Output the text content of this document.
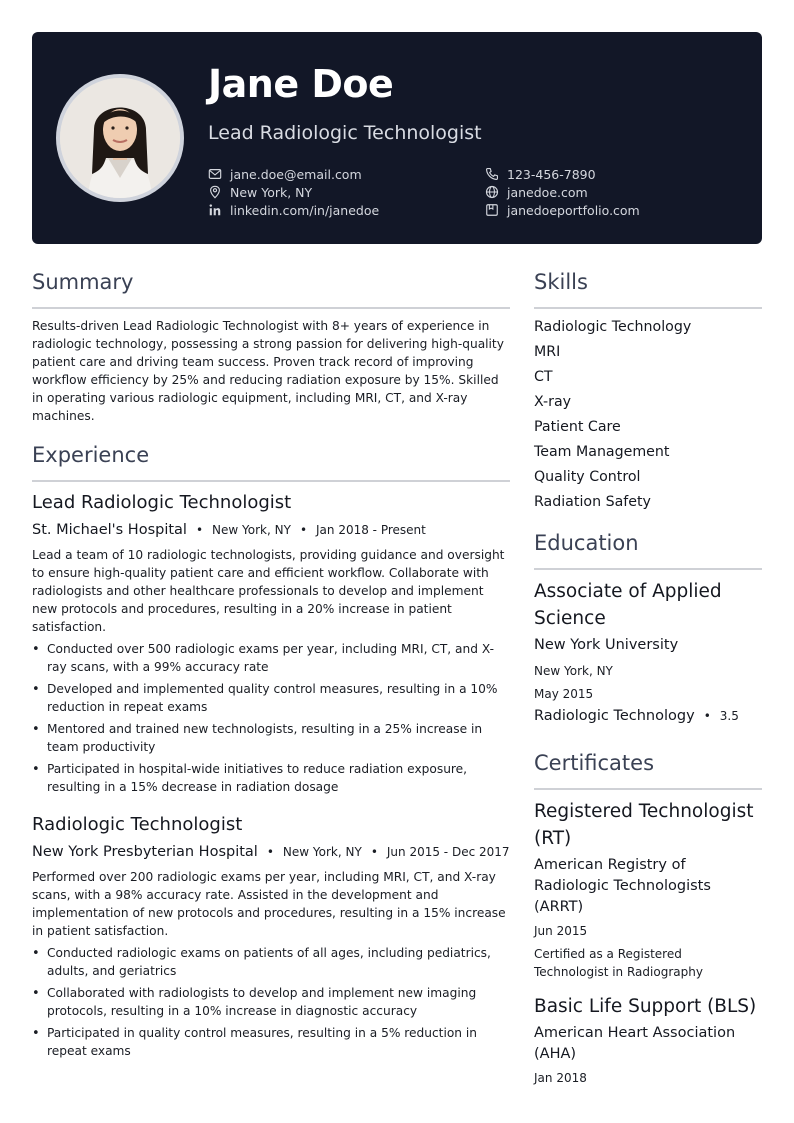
Jane Doe
Lead Radiologic Technologist
jane.doe@email.com	123-456-7890
New York, NY	janedoe.com
linkedin.com/in/janedoe	janedoeportfolio.com
Summary
Results-driven Lead Radiologic Technologist with 8+ years of experience in radiologic technology, possessing a strong passion for delivering high-quality patient care and driving team success. Proven track record of improving workflow efficiency by 25% and reducing radiation exposure by 15%. Skilled in operating various radiologic equipment, including MRI, CT, and X-ray machines.
Experience
Lead Radiologic Technologist
St. Michael's Hospital • New York, NY • Jan 2018 - Present
Lead a team of 10 radiologic technologists, providing guidance and oversight to ensure high-quality patient care and efficient workflow. Collaborate with radiologists and other healthcare professionals to develop and implement new protocols and procedures, resulting in a 20% increase in patient satisfaction.
• Conducted over 500 radiologic exams per year, including MRI, CT, and X-ray scans, with a 99% accuracy rate
• Developed and implemented quality control measures, resulting in a 10% reduction in repeat exams
• Mentored and trained new technologists, resulting in a 25% increase in team productivity
• Participated in hospital-wide initiatives to reduce radiation exposure, resulting in a 15% decrease in radiation dosage
Radiologic Technologist
New York Presbyterian Hospital • New York, NY • Jun 2015 - Dec 2017
Performed over 200 radiologic exams per year, including MRI, CT, and X-ray scans, with a 98% accuracy rate. Assisted in the development and implementation of new protocols and procedures, resulting in a 15% increase in patient satisfaction.
• Conducted radiologic exams on patients of all ages, including pediatrics, adults, and geriatrics
• Collaborated with radiologists to develop and implement new imaging protocols, resulting in a 10% increase in diagnostic accuracy
• Participated in quality control measures, resulting in a 5% reduction in repeat exams
Skills
Radiologic Technology
MRI
CT
X-ray
Patient Care
Team Management
Quality Control
Radiation Safety
Education
Associate of Applied Science
New York University
New York, NY
May 2015
Radiologic Technology • 3.5
Certificates
Registered Technologist (RT)
American Registry of Radiologic Technologists (ARRT)
Jun 2015
Certified as a Registered Technologist in Radiography
Basic Life Support (BLS)
American Heart Association (AHA)
Jan 2018
